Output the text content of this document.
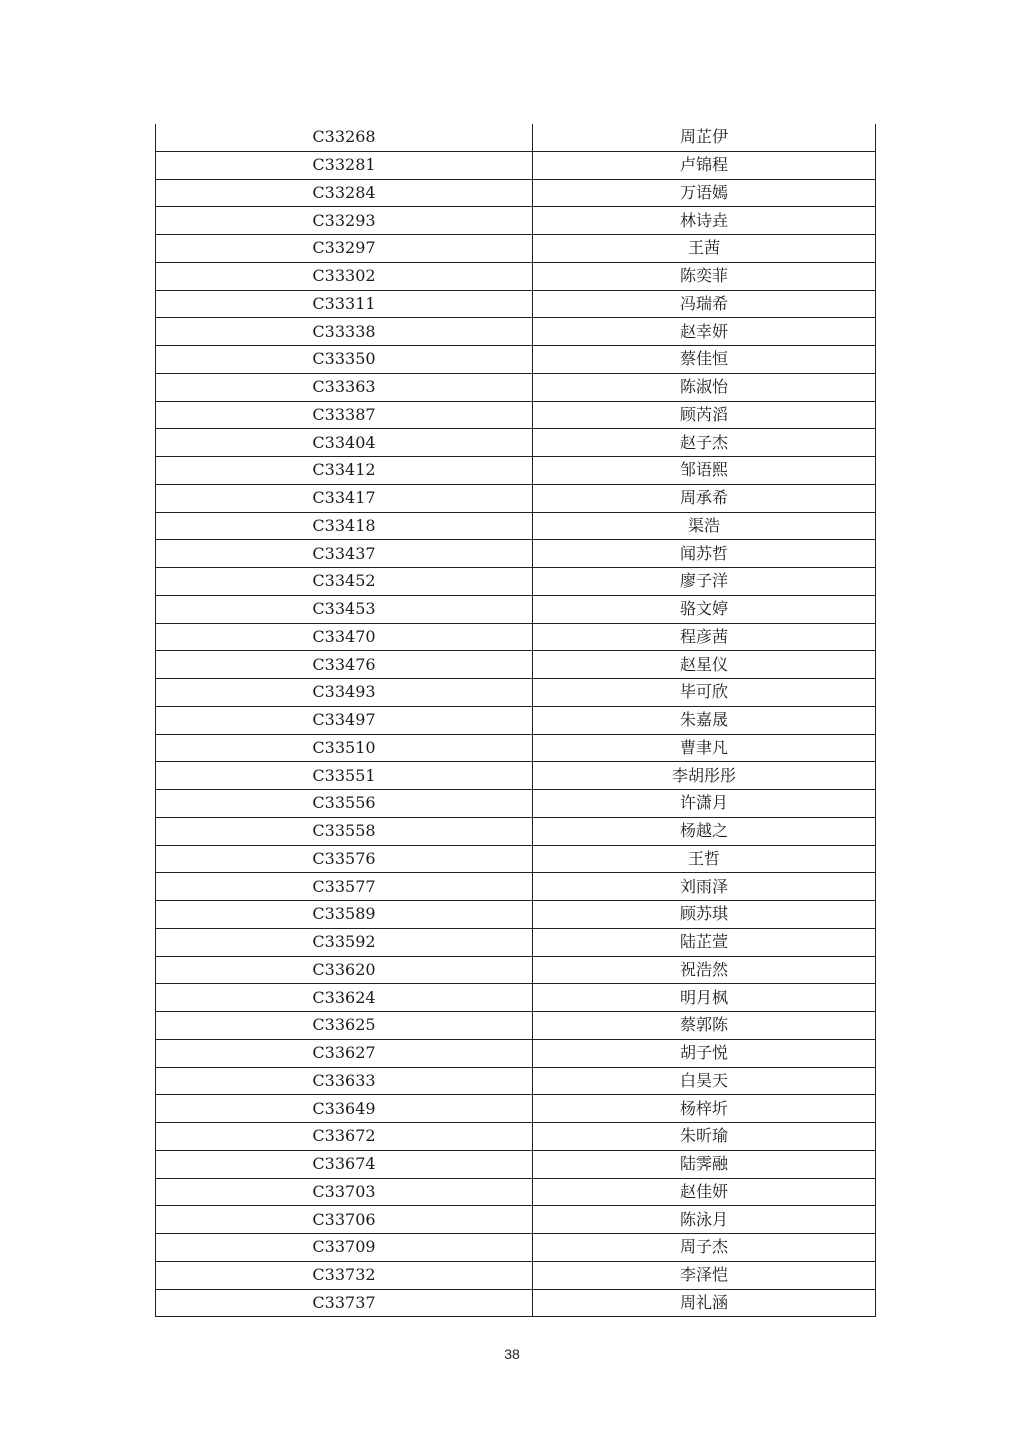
C33268	周芷伊
C33281	卢锦程
C33284	万语嫣
C33293	林诗垚
C33297	王茜
C33302	陈奕菲
C33311	冯瑞希
C33338	赵幸妍
C33350	蔡佳恒
C33363	陈淑怡
C33387	顾芮滔
C33404	赵子杰
C33412	邹语熙
C33417	周承希
C33418	渠浩
C33437	闻苏哲
C33452	廖子洋
C33453	骆文婷
C33470	程彦茜
C33476	赵星仪
C33493	毕可欣
C33497	朱嘉晟
C33510	曹聿凡
C33551	李胡彤彤
C33556	许潇月
C33558	杨越之
C33576	王哲
C33577	刘雨泽
C33589	顾苏琪
C33592	陆芷萱
C33620	祝浩然
C33624	明月枫
C33625	蔡郭陈
C33627	胡子悦
C33633	白昊天
C33649	杨梓圻
C33672	朱昕瑜
C33674	陆霁融
C33703	赵佳妍
C33706	陈泳月
C33709	周子杰
C33732	李泽恺
C33737	周礼涵
38
